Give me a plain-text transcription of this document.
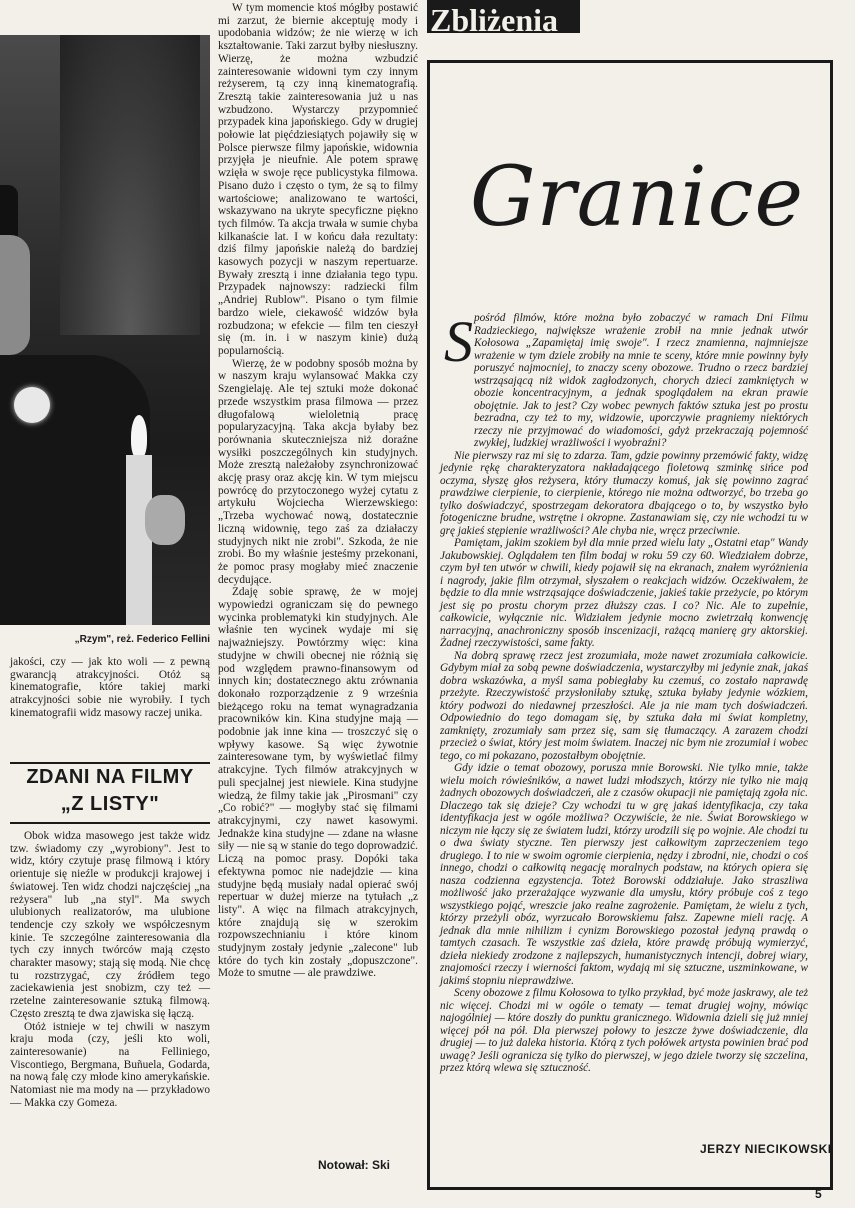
„Rzym", reż. Federico Fellini

jakości, czy — jak kto woli — z pewną gwarancją atrakcyjności. Otóż są kinematografie, które takiej marki atrakcyjności sobie nie wyrobiły. I tych kinematografii widz masowy raczej unika.

ZDANI NA FILMY
„Z LISTY"

Obok widza masowego jest także widz tzw. świadomy czy „wyrobiony". Jest to widz, który czytuje prasę filmową i który orientuje się nieźle w produkcji krajowej i światowej. Ten widz chodzi najczęściej „na reżysera" lub „na styl". Ma swych ulubionych realizatorów, ma ulubione tendencje czy szkoły we współczesnym kinie. Te szczególne zainteresowania dla tych czy innych twórców mają często charakter masowy; stają się modą. Nie chcę tu rozstrzygać, czy źródłem tego zaciekawienia jest snobizm, czy też — rzetelne zainteresowanie sztuką filmową. Często zresztą te dwa zjawiska się łączą.

Otóż istnieje w tej chwili w naszym kraju moda (czy, jeśli kto woli, zainteresowanie) na Felliniego, Viscontiego, Bergmana, Buñuela, Godarda, na nową falę czy młode kino amerykańskie. Natomiast nie ma mody na — przykładowo — Makka czy Gomeza.

W tym momencie ktoś mógłby postawić mi zarzut, że biernie akceptuję mody i upodobania widzów; że nie wierzę w ich kształtowanie. Taki zarzut byłby niesłuszny. Wierzę, że można wzbudzić zainteresowanie widowni tym czy innym reżyserem, tą czy inną kinematografią. Zresztą takie zainteresowania już u nas wzbudzono. Wystarczy przypomnieć przypadek kina japońskiego. Gdy w drugiej połowie lat pięćdziesiątych pojawiły się w Polsce pierwsze filmy japońskie, widownia przyjęła je nieufnie. Ale potem sprawę wzięła w swoje ręce publicystyka filmowa. Pisano dużo i często o tym, że są to filmy wartościowe; analizowano te wartości, wskazywano na ukryte specyficzne piękno tych filmów. Ta akcja trwała w sumie chyba kilkanaście lat. I w końcu dała rezultaty: dziś filmy japońskie należą do bardziej kasowych pozycji w naszym repertuarze. Bywały zresztą i inne działania tego typu. Przypadek najnowszy: radziecki film „Andriej Rublow". Pisano o tym filmie bardzo wiele, ciekawość widzów była rozbudzona; w efekcie — film ten cieszył się (m. in. i w naszym kinie) dużą popularnością.

Wierzę, że w podobny sposób można by w naszym kraju wylansować Makka czy Szengielaję. Ale tej sztuki może dokonać przede wszystkim prasa filmowa — przez długofalową wieloletnią pracę popularyzacyjną. Taka akcja byłaby bez porównania skuteczniejsza niż doraźne wysiłki poszczególnych kin studyjnych. Może zresztą należałoby zsynchronizować akcję prasy oraz akcję kin. W tym miejscu powrócę do przytoczonego wyżej cytatu z artykułu Wojciecha Wierzewskiego: „Trzeba wychować nową, dostatecznie liczną widownię, tego zaś za działaczy studyjnych nikt nie zrobi". Szkoda, że nie zrobi. Bo my właśnie jesteśmy przekonani, że pomoc prasy mogłaby mieć znaczenie decydujące.

Zdaję sobie sprawę, że w mojej wypowiedzi ograniczam się do pewnego wycinka problematyki kin studyjnych. Ale właśnie ten wycinek wydaje mi się najważniejszy. Powtórzmy więc: kina studyjne w chwili obecnej nie różnią się pod względem prawno-finansowym od innych kin; dostatecznego aktu zrównania dokonało rozporządzenie z 9 września bieżącego roku na temat wynagradzania pracowników kin. Kina studyjne mają — podobnie jak inne kina — troszczyć się o wpływy kasowe. Są więc żywotnie zainteresowane tym, by wyświetlać filmy atrakcyjne. Tych filmów atrakcyjnych w puli specjalnej jest niewiele. Kina studyjne wiedzą, że filmy takie jak „Pirosmani" czy „Co robić?" — mogłyby stać się filmami atrakcyjnymi, czy nawet kasowymi. Jednakże kina studyjne — zdane na własne siły — nie są w stanie do tego doprowadzić. Liczą na pomoc prasy. Dopóki taka efektywna pomoc nie nadejdzie — kina studyjne będą musiały nadal opierać swój repertuar w dużej mierze na tytułach „z listy". A więc na filmach atrakcyjnych, które znajdują się w szerokim rozpowszechnianiu i które kinom studyjnym zostały jedynie „zalecone" lub które do tych kin zostały „dopuszczone". Może to smutne — ale prawdziwe.

Notował: Ski
Zbliżenia
Granice
S pośród filmów, które można było zobaczyć w ramach Dni Filmu Radzieckiego, największe wrażenie zrobił na mnie jednak utwór Kołosowa „Zapamiętaj imię swoje". I rzecz znamienna, najmniejsze wrażenie w tym dziele zrobiły na mnie te sceny, które mnie powinny były poruszyć najmocniej, to znaczy sceny obozowe. Trudno o rzecz bardziej wstrząsającą niż widok zagłodzonych, chorych dzieci zamkniętych w obozie koncentracyjnym, a jednak spoglądałem na ekran prawie obojętnie. Jak to jest? Czy wobec pewnych faktów sztuka jest po prostu bezradna, czy też to my, widzowie, uporczywie pragniemy niektórych rzeczy nie przyjmować do wiadomości, gdyż przekraczają pojemność zwykłej, ludzkiej wrażliwości i wyobraźni?

Nie pierwszy raz mi się to zdarza. Tam, gdzie powinny przemówić fakty, widzę jedynie rękę charakteryzatora nakładającego fioletową szminkę sińce pod oczyma, słyszę głos reżysera, który tłumaczy komuś, jak się powinno zagrać prawdziwe cierpienie, to cierpienie, którego nie można odtworzyć, bo trzeba go tylko doświadczyć, spostrzegam dekoratora dbającego o to, by wszystko było fotogeniczne brudne, wstrętne i okropne. Zastanawiam się, czy nie wchodzi tu w grę jakieś stępienie wrażliwości? Ale chyba nie, wręcz przeciwnie.

Pamiętam, jakim szokiem był dla mnie przed wielu laty „Ostatni etap" Wandy Jakubowskiej. Oglądałem ten film bodaj w roku 59 czy 60. Wiedziałem dobrze, czym był ten utwór w chwili, kiedy pojawił się na ekranach, znałem wyróżnienia i nagrody, jakie film otrzymał, słyszałem o reakcjach widzów. Oczekiwałem, że będzie to dla mnie wstrząsające doświadczenie, jakieś takie przeżycie, po którym jest się po prostu chorym przez dłuższy czas. I co? Nic. Ale to zupełnie, całkowicie, wyłącznie nic. Widziałem jedynie mocno zwietrzałą konwencję narracyjną, anachroniczny sposób inscenizacji, rażącą manierę gry aktorskiej. Żadnej rzeczywistości, same fakty.

Na dobrą sprawę rzecz jest zrozumiała, może nawet zrozumiała całkowicie. Gdybym miał za sobą pewne doświadczenia, wystarczyłby mi jedynie znak, jakaś dobra wskazówka, a myśl sama pobiegłaby ku czemuś, co zostało naprawdę przeżyte. Rzeczywistość przysłoniłaby sztukę, sztuka byłaby jedynie wózkiem, który podwozi do niedawnej przeszłości. Ale ja nie mam tych doświadczeń. Odpowiednio do tego domagam się, by sztuka dała mi świat kompletny, zamknięty, zrozumiały sam przez się, sam się tłumaczący. A zarazem chodzi przecież o świat, który jest moim światem. Inaczej nic bym nie zrozumiał i wobec tego, co mi pokazano, pozostałbym obojętnie.

Gdy idzie o temat obozowy, porusza mnie Borowski. Nie tylko mnie, także wielu moich rówieśników, a nawet ludzi młodszych, którzy nie tylko nie mają żadnych obozowych doświadczeń, ale z czasów okupacji nie pamiętają zgoła nic. Dlaczego tak się dzieje? Czy wchodzi tu w grę jakaś identyfikacja, czy taka identyfikacja jest w ogóle możliwa? Oczywiście, że nie. Świat Borowskiego w niczym nie łączy się ze światem ludzi, którzy urodzili się po wojnie. Ale chodzi tu o dwa światy styczne. Ten pierwszy jest całkowitym zaprzeczeniem tego drugiego. I to nie w swoim ogromie cierpienia, nędzy i zbrodni, nie, chodzi o coś innego, chodzi o całkowitą negację moralnych podstaw, na których opiera się nasza codzienna egzystencja. Toteż Borowski oddziałuje. Jako straszliwa możliwość jako przerażające wyzwanie dla umysłu, który próbuje coś z tego wszystkiego pojąć, wreszcie jako realne zagrożenie. Pamiętam, że wielu z tych, którzy przeżyli obóz, wyrzucało Borowskiemu fałsz. Zapewne mieli rację. A jednak dla mnie nihilizm i cynizm Borowskiego pozostał jedyną prawdą o tamtych czasach. Te wszystkie zaś dzieła, które prawdę próbują wymierzyć, dzieła niekiedy zrodzone z najlepszych, humanistycznych intencji, dobrej wiary, znajomości rzeczy i wierności faktom, wydają mi się sztuczne, uszminkowane, w jakimś stopniu nieprawdziwe.

Sceny obozowe z filmu Kołosowa to tylko przykład, być może jaskrawy, ale też nic więcej. Chodzi mi w ogóle o tematy — temat drugiej wojny, mówiąc najogólniej — które doszły do punktu granicznego. Widownia dzieli się już mniej więcej pół na pół. Dla pierwszej połowy to jeszcze żywe doświadczenie, dla drugiej — to już daleka historia. Którą z tych połówek artysta powinien brać pod uwagę? Jeśli ogranicza się tylko do pierwszej, w jego dziele tworzy się szczelina, przez którą wlewa się sztuczność.

JERZY NIECIKOWSKI
5
